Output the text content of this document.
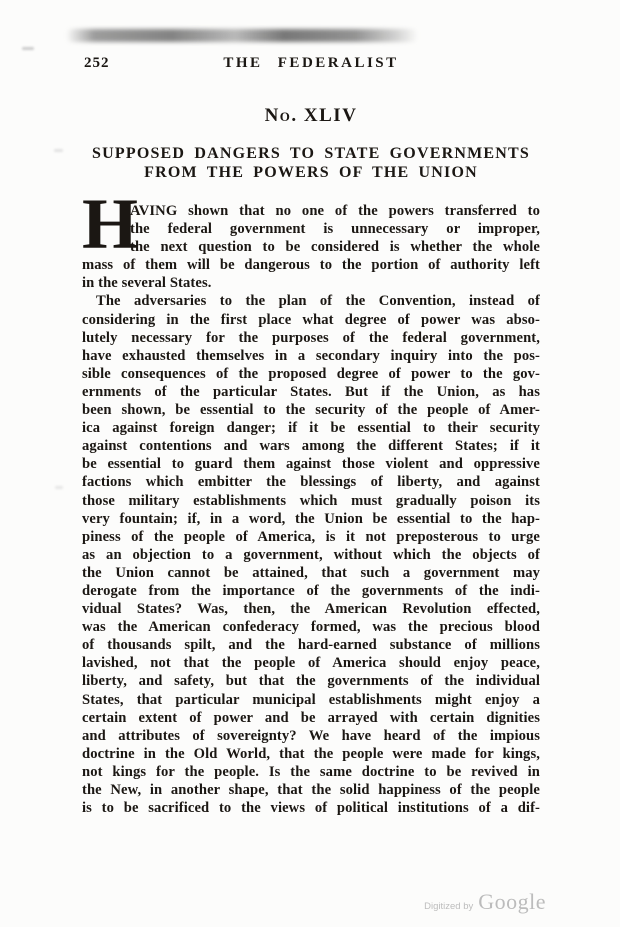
252	THE FEDERALIST
No. XLIV
SUPPOSED DANGERS TO STATE GOVERNMENTS
FROM THE POWERS OF THE UNION
H
AVING shown that no one of the powers transferred to
the federal government is unnecessary or improper,
the next question to be considered is whether the whole
mass of them will be dangerous to the portion of authority left
in the several States.
The adversaries to the plan of the Convention, instead of
considering in the first place what degree of power was abso-
lutely necessary for the purposes of the federal government,
have exhausted themselves in a secondary inquiry into the pos-
sible consequences of the proposed degree of power to the gov-
ernments of the particular States. But if the Union, as has
been shown, be essential to the security of the people of Amer-
ica against foreign danger; if it be essential to their security
against contentions and wars among the different States; if it
be essential to guard them against those violent and oppressive
factions which embitter the blessings of liberty, and against
those military establishments which must gradually poison its
very fountain; if, in a word, the Union be essential to the hap-
piness of the people of America, is it not preposterous to urge
as an objection to a government, without which the objects of
the Union cannot be attained, that such a government may
derogate from the importance of the governments of the indi-
vidual States? Was, then, the American Revolution effected,
was the American confederacy formed, was the precious blood
of thousands spilt, and the hard-earned substance of millions
lavished, not that the people of America should enjoy peace,
liberty, and safety, but that the governments of the individual
States, that particular municipal establishments might enjoy a
certain extent of power and be arrayed with certain dignities
and attributes of sovereignty? We have heard of the impious
doctrine in the Old World, that the people were made for kings,
not kings for the people. Is the same doctrine to be revived in
the New, in another shape, that the solid happiness of the people
is to be sacrificed to the views of political institutions of a dif-
Digitized by Google
